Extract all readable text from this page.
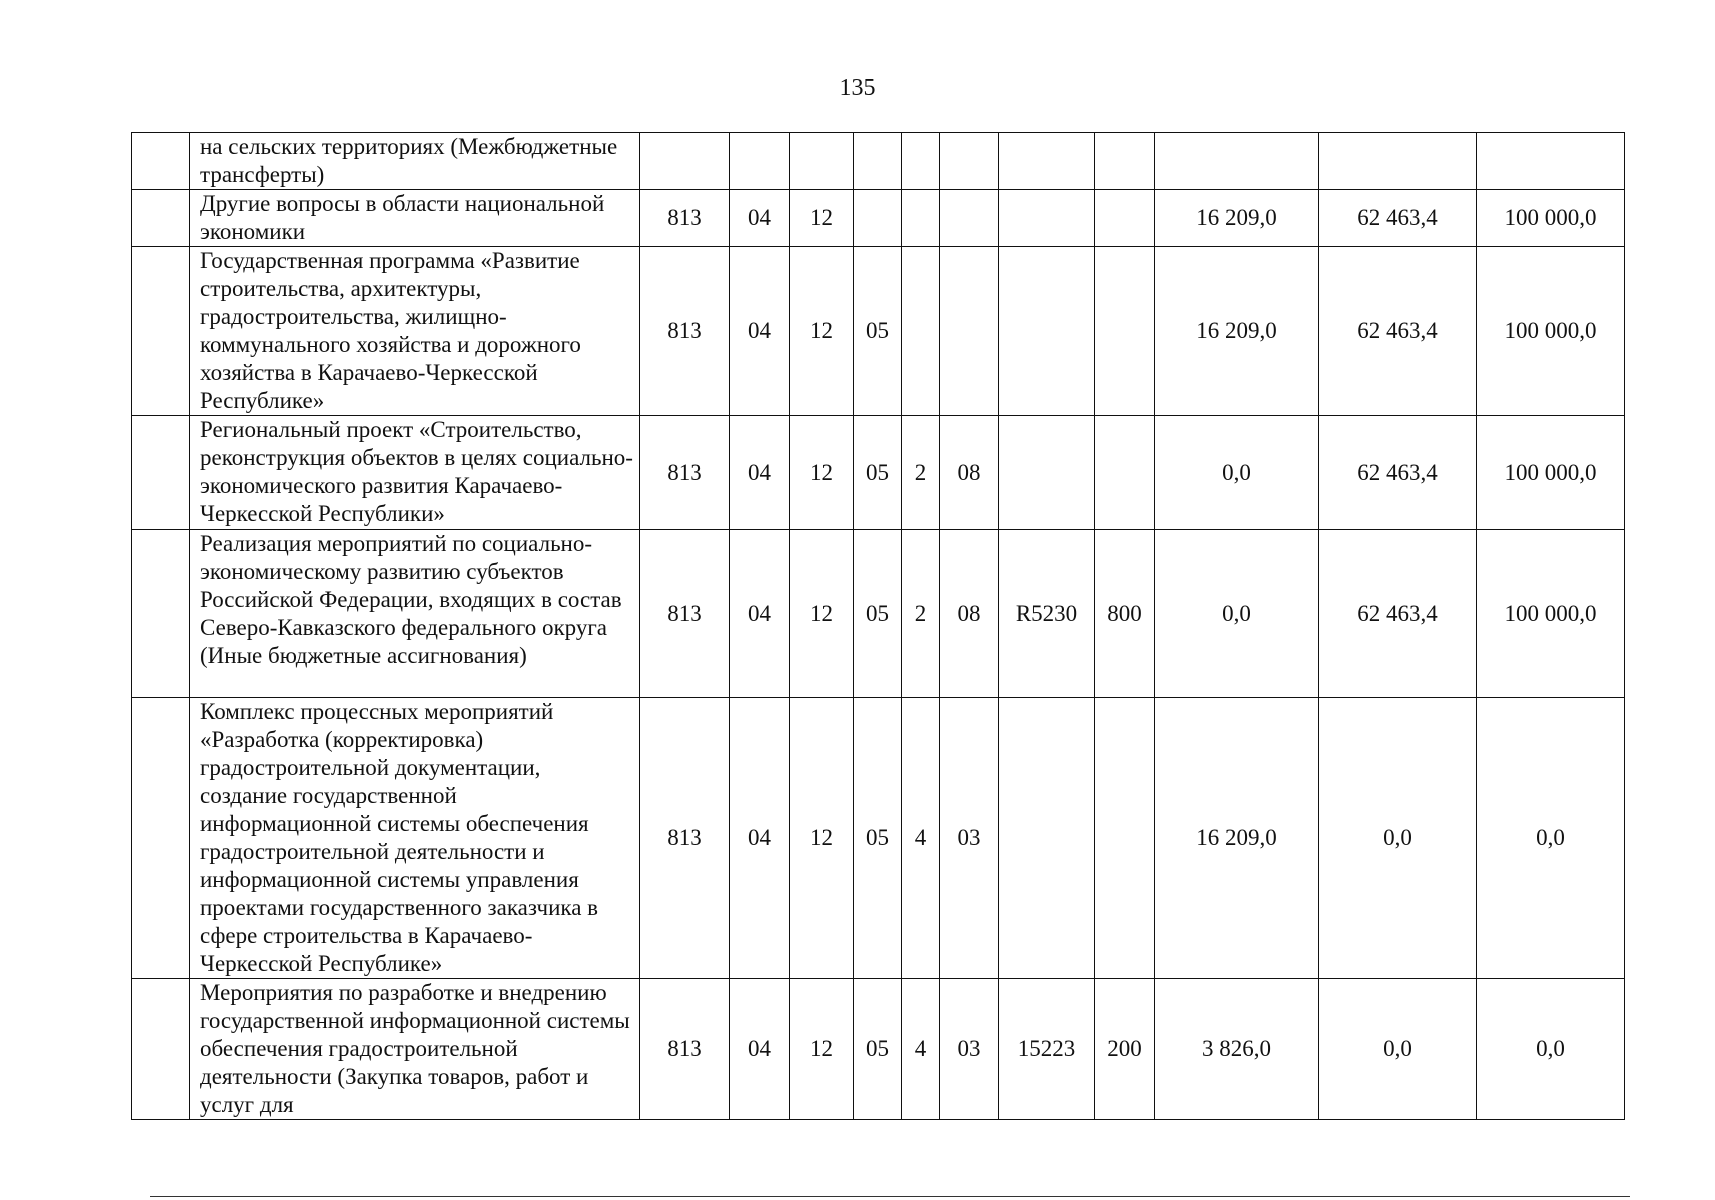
135
	на сельских территориях (Межбюджетные трансферты)											
	Другие вопросы в области национальной экономики	813	04	12						16 209,0	62 463,4	100 000,0
	Государственная программа «Развитие строительства, архитектуры, градостроительства, жилищно-коммунального хозяйства и дорожного хозяйства в Карачаево-Черкесской Республике»	813	04	12	05					16 209,0	62 463,4	100 000,0
	Региональный проект «Строительство, реконструкция объектов в целях социально-экономического развития Карачаево-Черкесской Республики»	813	04	12	05	2	08			0,0	62 463,4	100 000,0
	Реализация мероприятий по социально-экономическому развитию субъектов Российской Федерации, входящих в состав Северо-Кавказского федерального округа (Иные бюджетные ассигнования)	813	04	12	05	2	08	R5230	800	0,0	62 463,4	100 000,0
	Комплекс процессных мероприятий «Разработка (корректировка) градостроительной документации, создание государственной информационной системы обеспечения градостроительной деятельности и информационной системы управления проектами государственного заказчика в сфере строительства в Карачаево-Черкесской Республике»	813	04	12	05	4	03			16 209,0	0,0	0,0
	Мероприятия по разработке и внедрению государственной информационной системы обеспечения градостроительной деятельности (Закупка товаров, работ и услуг для	813	04	12	05	4	03	15223	200	3 826,0	0,0	0,0
